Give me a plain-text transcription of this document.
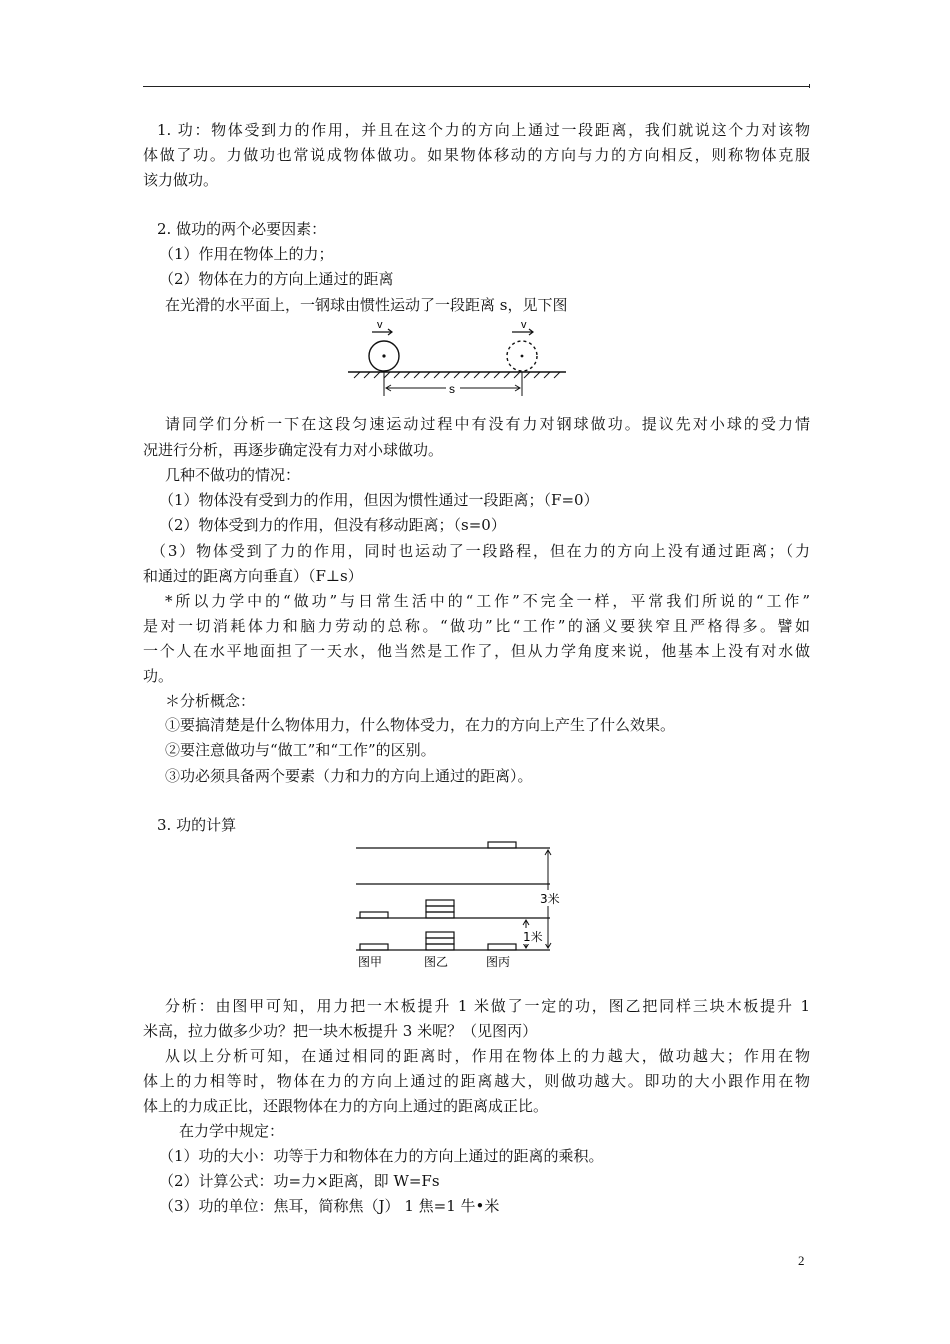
1. 功：物体受到力的作用，并且在这个力的方向上通过一段距离，我们就说这个力对该物

体做了功。力做功也常说成物体做功。如果物体移动的方向与力的方向相反，则称物体克服

该力做功。

2. 做功的两个必要因素：

（1）作用在物体上的力；

（2）物体在力的方向上通过的距离

在光滑的水平面上，一钢球由惯性运动了一段距离 s，见下图

请同学们分析一下在这段匀速运动过程中有没有力对钢球做功。提议先对小球的受力情

况进行分析，再逐步确定没有力对小球做功。

几种不做功的情况：

（1）物体没有受到力的作用，但因为惯性通过一段距离；（F=0）

（2）物体受到力的作用，但没有移动距离；（s=0）

（3）物体受到了力的作用，同时也运动了一段路程，但在力的方向上没有通过距离；（力

和通过的距离方向垂直）（F⊥s）

*所以力学中的“做功”与日常生活中的“工作”不完全一样，平常我们所说的“工作”

是对一切消耗体力和脑力劳动的总称。“做功”比“工作”的涵义要狭窄且严格得多。譬如

一个人在水平地面担了一天水，他当然是工作了，但从力学角度来说，他基本上没有对水做

功。

＊分析概念：

①要搞清楚是什么物体用力，什么物体受力，在力的方向上产生了什么效果。

②要注意做功与“做工”和“工作”的区别。

③功必须具备两个要素（力和力的方向上通过的距离）。

3. 功的计算

分析：由图甲可知，用力把一木板提升 1 米做了一定的功，图乙把同样三块木板提升 1

米高，拉力做多少功？把一块木板提升 3 米呢？（见图丙）

从以上分析可知，在通过相同的距离时，作用在物体上的力越大，做功越大；作用在物

体上的力相等时，物体在力的方向上通过的距离越大，则做功越大。即功的大小跟作用在物

体上的力成正比，还跟物体在力的方向上通过的距离成正比。

在力学中规定：

（1）功的大小：功等于力和物体在力的方向上通过的距离的乘积。

（2）计算公式：功=力×距离，即 W=Fs

（3）功的单位：焦耳，简称焦（J） 1 焦=1 牛•米

v	v
s
3米
1米
图甲	图乙	图丙
2
